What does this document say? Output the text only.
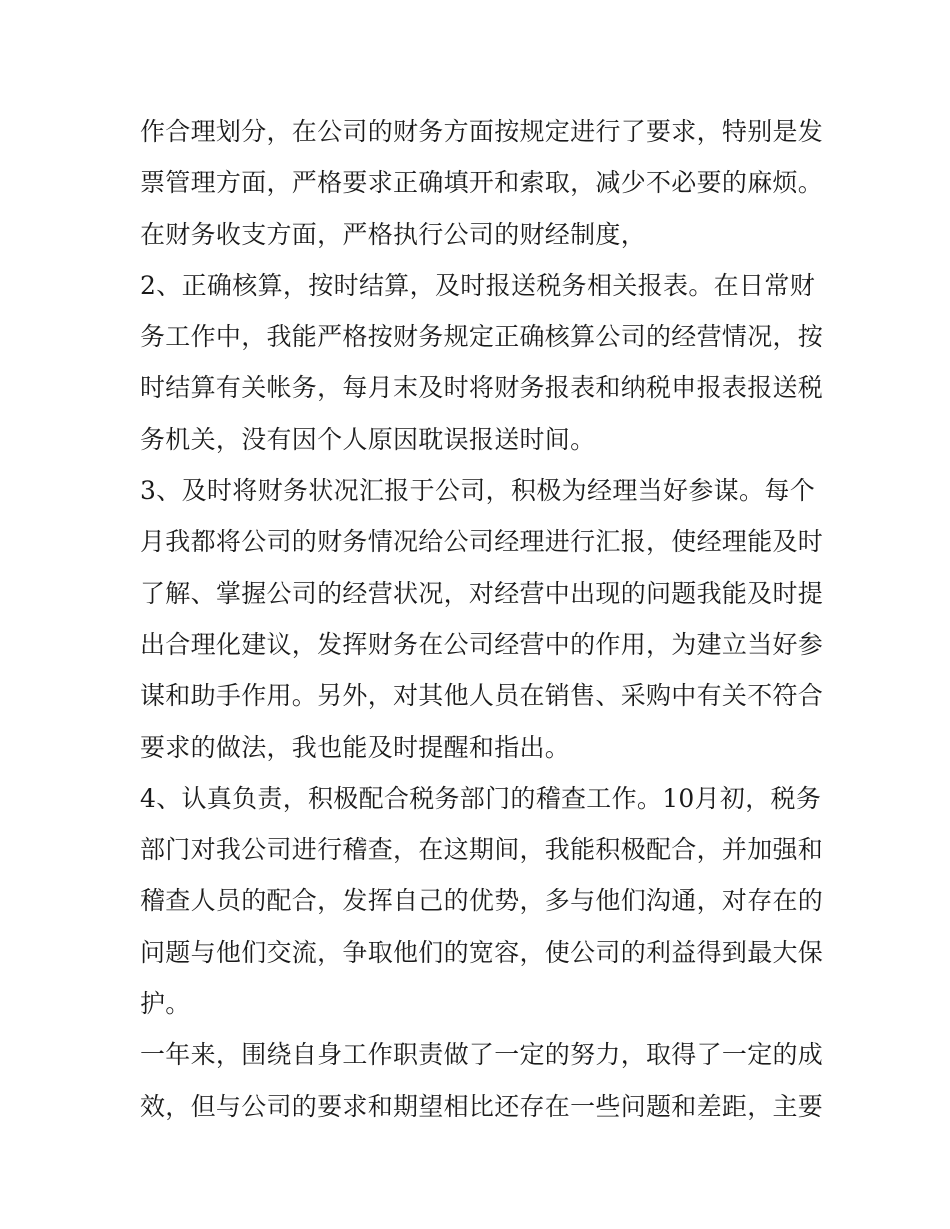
作合理划分，在公司的财务方面按规定进行了要求，特别是发
票管理方面，严格要求正确填开和索取，减少不必要的麻烦。
在财务收支方面，严格执行公司的财经制度，
2、正确核算，按时结算，及时报送税务相关报表。在日常财
务工作中，我能严格按财务规定正确核算公司的经营情况，按
时结算有关帐务，每月末及时将财务报表和纳税申报表报送税
务机关，没有因个人原因耽误报送时间。
3、及时将财务状况汇报于公司，积极为经理当好参谋。每个
月我都将公司的财务情况给公司经理进行汇报，使经理能及时
了解、掌握公司的经营状况，对经营中出现的问题我能及时提
出合理化建议，发挥财务在公司经营中的作用，为建立当好参
谋和助手作用。另外，对其他人员在销售、采购中有关不符合
要求的做法，我也能及时提醒和指出。
4、认真负责，积极配合税务部门的稽查工作。10月初，税务
部门对我公司进行稽查，在这期间，我能积极配合，并加强和
稽查人员的配合，发挥自己的优势，多与他们沟通，对存在的
问题与他们交流，争取他们的宽容，使公司的利益得到最大保
护。
一年来，围绕自身工作职责做了一定的努力，取得了一定的成
效，但与公司的要求和期望相比还存在一些问题和差距，主要
